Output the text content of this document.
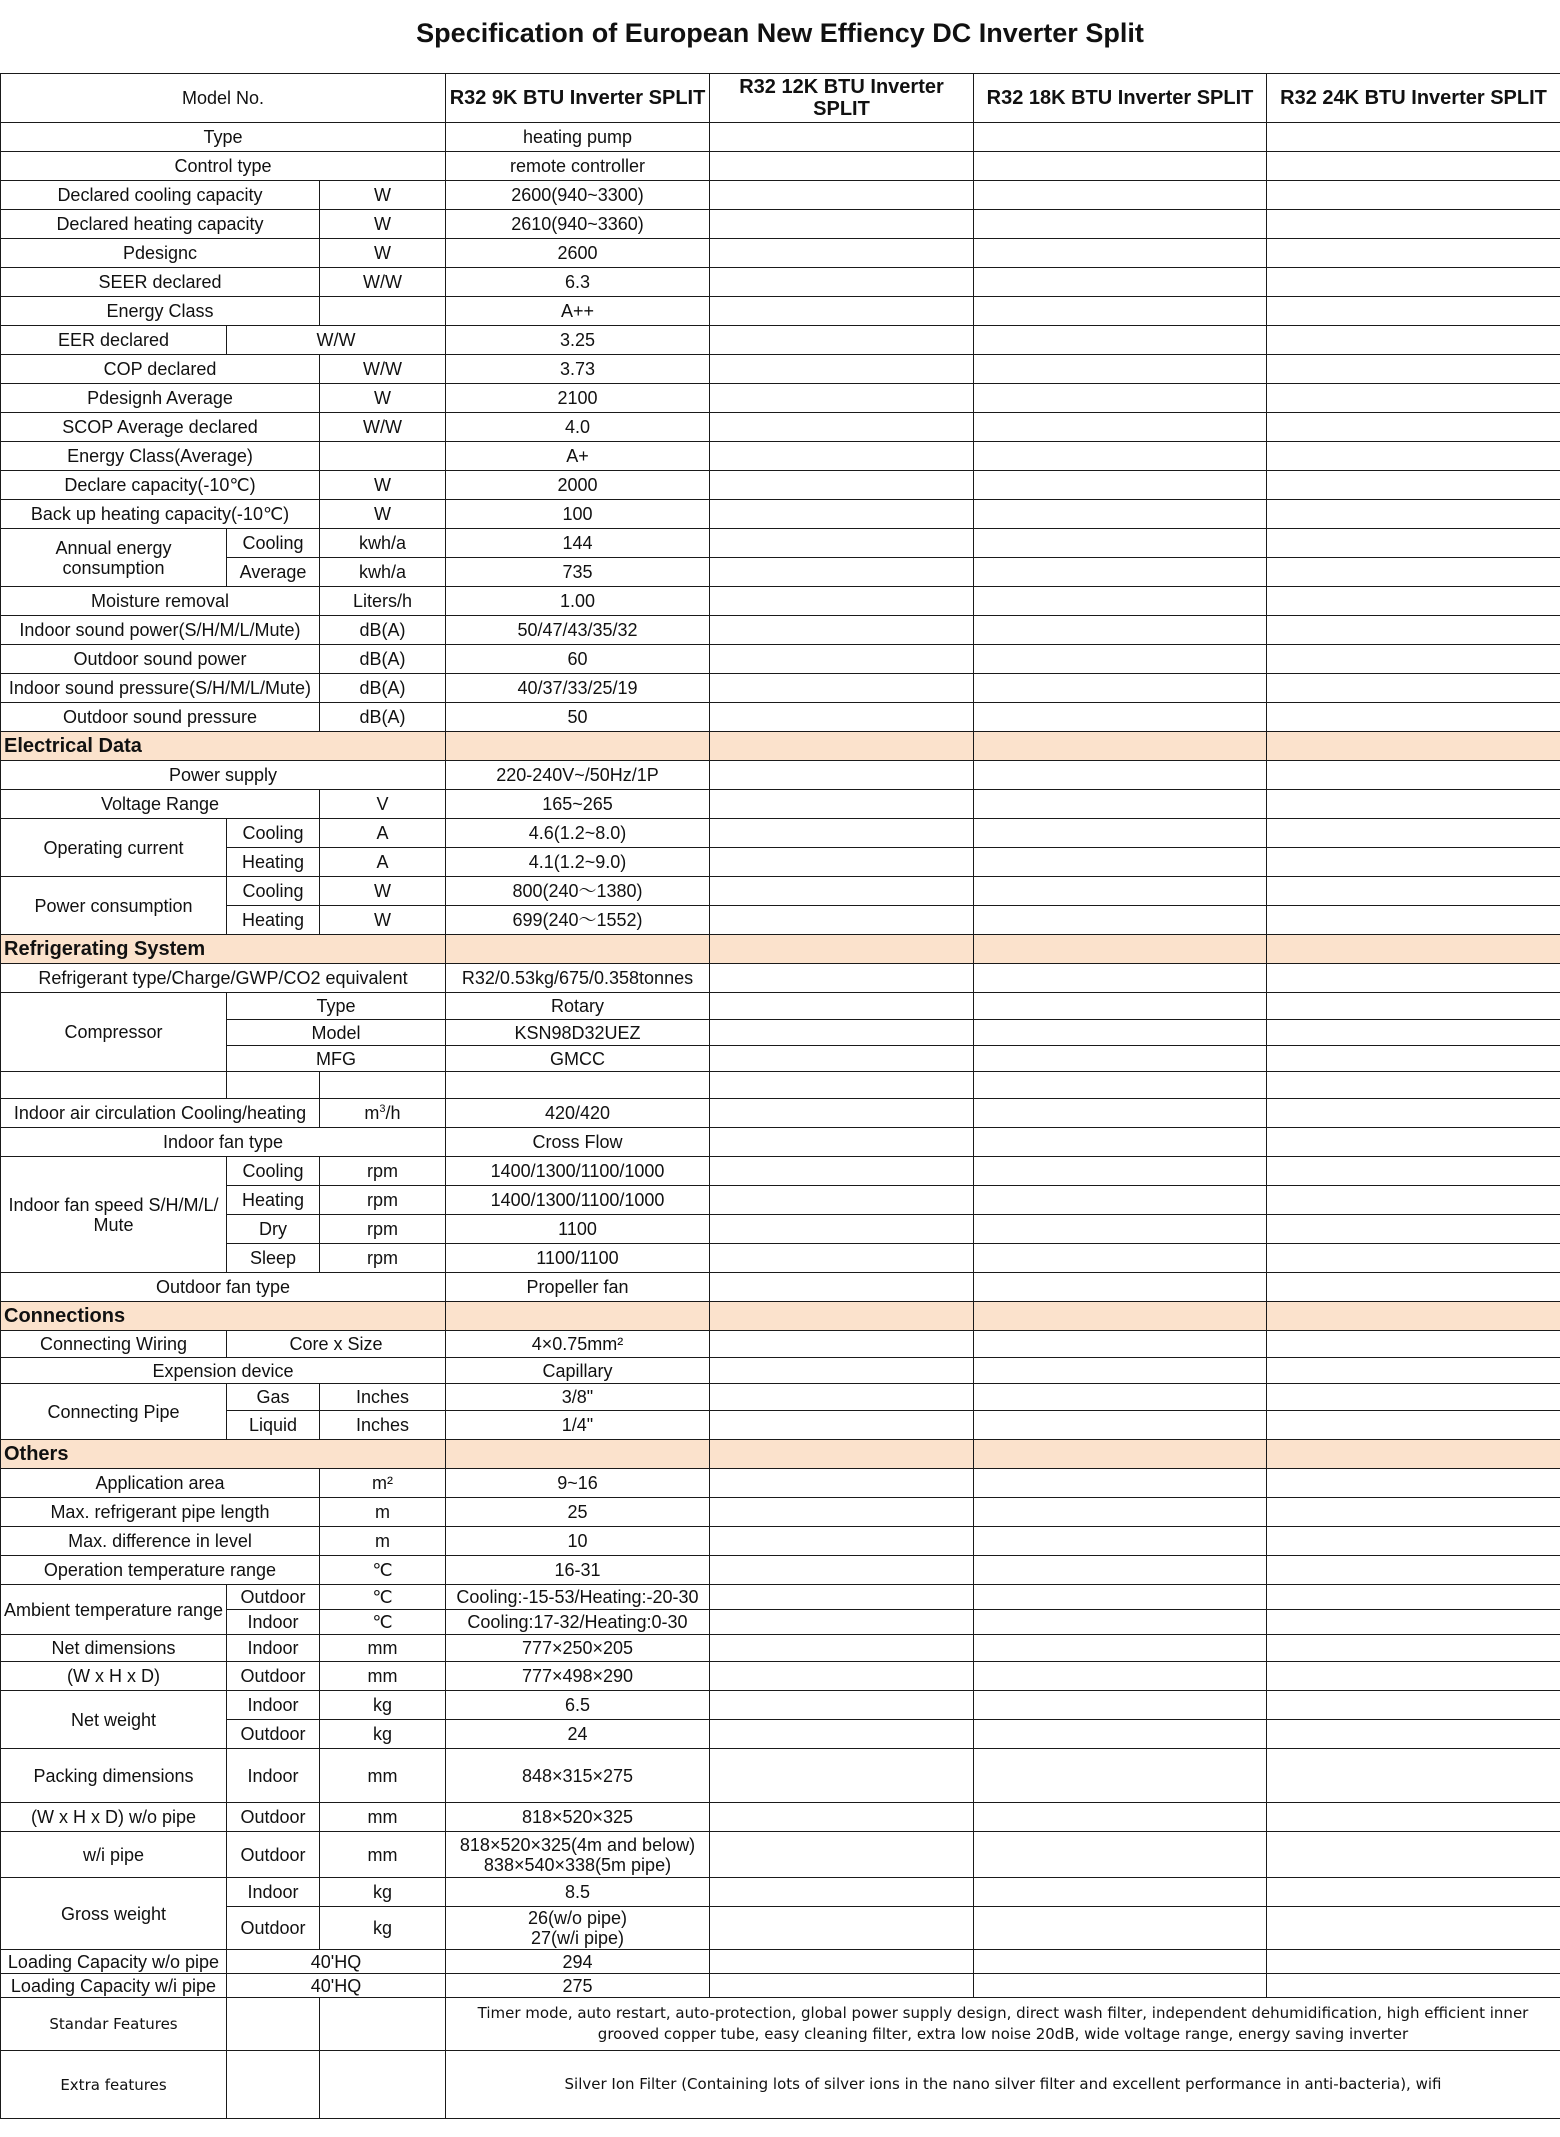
Specification of European New Effiency DC Inverter Split
Model No.			R32 9K BTU Inverter SPLIT	R32 12K BTU Inverter SPLIT	R32 18K BTU Inverter SPLIT	R32 24K BTU Inverter SPLIT
Type			heating pump			
Control type			remote controller			
Declared cooling capacity		W	2600(940~3300)			
Declared heating capacity		W	2610(940~3360)			
Pdesignc		W	2600			
SEER declared		W/W	6.3			
Energy Class			A++			
EER declared	W/W		3.25			
COP declared		W/W	3.73			
Pdesignh Average		W	2100			
SCOP Average declared		W/W	4.0			
Energy Class(Average)			A+			
Declare capacity(-10℃)		W	2000			
Back up heating capacity(-10℃)		W	100			
Annual energy consumption	Cooling	kwh/a	144			
	Average	kwh/a	735			
Moisture removal		Liters/h	1.00			
Indoor sound power(S/H/M/L/Mute)		dB(A)	50/47/43/35/32			
Outdoor sound power		dB(A)	60			
Indoor sound pressure(S/H/M/L/Mute)		dB(A)	40/37/33/25/19			
Outdoor sound pressure		dB(A)	50			
Electrical Data						
Power supply			220-240V~/50Hz/1P			
Voltage Range		V	165~265			
Operating current	Cooling	A	4.6(1.2~8.0)			
	Heating	A	4.1(1.2~9.0)			
Power consumption	Cooling	W	800(240～1380)			
	Heating	W	699(240～1552)			
Refrigerating System						
Refrigerant type/Charge/GWP/CO2 equivalent			R32/0.53kg/675/0.358tonnes			
Compressor	Type		Rotary			
	Model		KSN98D32UEZ			
	MFG		GMCC			

Indoor air circulation Cooling/heating		$m^3/h$	420/420			
Indoor fan type			Cross Flow			
Indoor fan speed S/H/M/L/ Mute	Cooling	rpm	1400/1300/1100/1000			
	Heating	rpm	1400/1300/1100/1000			
	Dry	rpm	1100			
	Sleep	rpm	1100/1100			
Outdoor fan type			Propeller fan			
Connections						
Connecting Wiring	Core x Size		4×0.75mm²			
Expension device			Capillary			
Connecting Pipe	Gas	Inches	3/8"			
	Liquid	Inches	1/4"			
Others						
Application area		m²	9~16			
Max. refrigerant pipe length		m	25			
Max. difference in level		m	10			
Operation temperature range		℃	16-31			
Ambient temperature range	Outdoor	℃	Cooling:-15-53/Heating:-20-30			
	Indoor	℃	Cooling:17-32/Heating:0-30			
Net dimensions	Indoor	mm	777×250×205			
(W x H x D)	Outdoor	mm	777×498×290			
Net weight	Indoor	kg	6.5			
	Outdoor	kg	24			
Packing dimensions	Indoor	mm	848×315×275			
(W x H x D) w/o pipe	Outdoor	mm	818×520×325			
w/i pipe	Outdoor	mm	818×520×325(4m and below)
838×540×338(5m pipe)			

Gross weight	Indoor	kg	8.5			
	Outdoor	kg	26(w/o pipe)
27(w/i pipe)			

Loading Capacity w/o pipe	40'HQ		294			
Loading Capacity w/i pipe	40'HQ		275			
Standar Features			Timer mode, auto restart, auto-protection, global power supply design, direct wash filter, independent dehumidification, high efficient inner grooved copper tube, easy cleaning filter, extra low noise 20dB, wide voltage range, energy saving inverter			
Extra features			Silver Ion Filter (Containing lots of silver ions in the nano silver filter and excellent performance in anti-bacteria), wifi			
